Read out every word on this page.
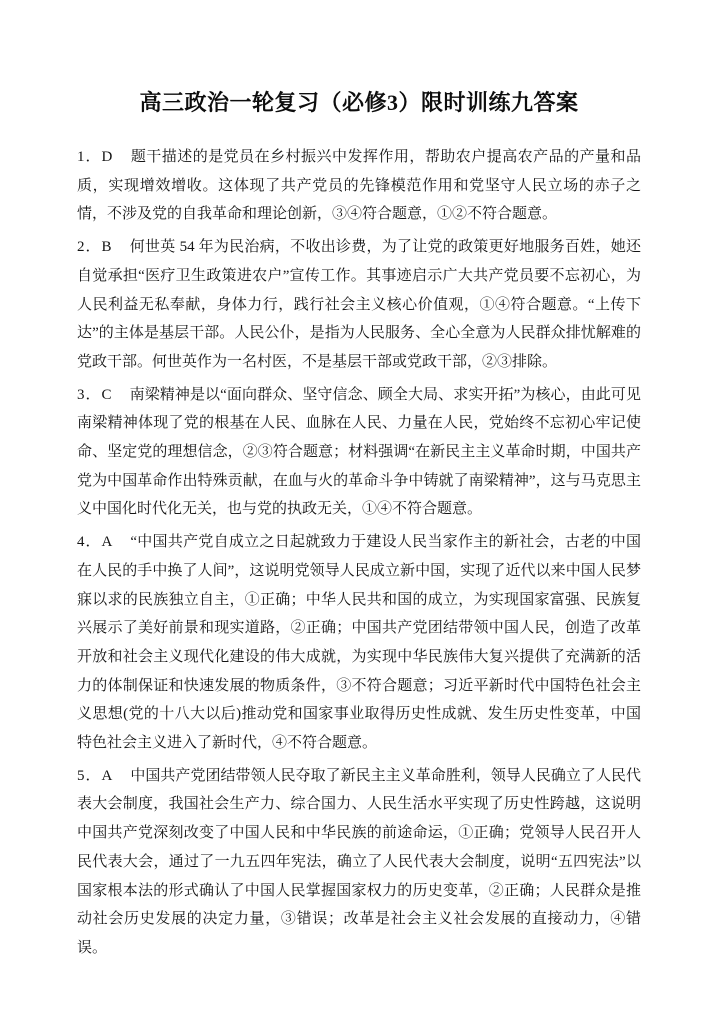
高三政治一轮复习（必修3）限时训练九答案

1．D 题干描述的是党员在乡村振兴中发挥作用，帮助农户提高农产品的产量和品质，实现增效增收。这体现了共产党员的先锋模范作用和党坚守人民立场的赤子之情，不涉及党的自我革命和理论创新，③④符合题意，①②不符合题意。

2．B 何世英 54 年为民治病，不收出诊费，为了让党的政策更好地服务百姓，她还自觉承担“医疗卫生政策进农户”宣传工作。其事迹启示广大共产党员要不忘初心，为人民利益无私奉献，身体力行，践行社会主义核心价值观，①④符合题意。“上传下达”的主体是基层干部。人民公仆，是指为人民服务、全心全意为人民群众排忧解难的党政干部。何世英作为一名村医，不是基层干部或党政干部，②③排除。

3．C 南梁精神是以“面向群众、坚守信念、顾全大局、求实开拓”为核心，由此可见南梁精神体现了党的根基在人民、血脉在人民、力量在人民，党始终不忘初心牢记使命、坚定党的理想信念，②③符合题意；材料强调“在新民主主义革命时期，中国共产党为中国革命作出特殊贡献，在血与火的革命斗争中铸就了南梁精神”，这与马克思主义中国化时代化无关，也与党的执政无关，①④不符合题意。

4．A “中国共产党自成立之日起就致力于建设人民当家作主的新社会，古老的中国在人民的手中换了人间”，这说明党领导人民成立新中国，实现了近代以来中国人民梦寐以求的民族独立自主，①正确；中华人民共和国的成立，为实现国家富强、民族复兴展示了美好前景和现实道路，②正确；中国共产党团结带领中国人民，创造了改革开放和社会主义现代化建设的伟大成就，为实现中华民族伟大复兴提供了充满新的活力的体制保证和快速发展的物质条件，③不符合题意；习近平新时代中国特色社会主义思想(党的十八大以后)推动党和国家事业取得历史性成就、发生历史性变革，中国特色社会主义进入了新时代，④不符合题意。

5．A 中国共产党团结带领人民夺取了新民主主义革命胜利，领导人民确立了人民代表大会制度，我国社会生产力、综合国力、人民生活水平实现了历史性跨越，这说明中国共产党深刻改变了中国人民和中华民族的前途命运，①正确；党领导人民召开人民代表大会，通过了一九五四年宪法，确立了人民代表大会制度，说明“五四宪法”以国家根本法的形式确认了中国人民掌握国家权力的历史变革，②正确；人民群众是推动社会历史发展的决定力量，③错误；改革是社会主义社会发展的直接动力，④错误。
